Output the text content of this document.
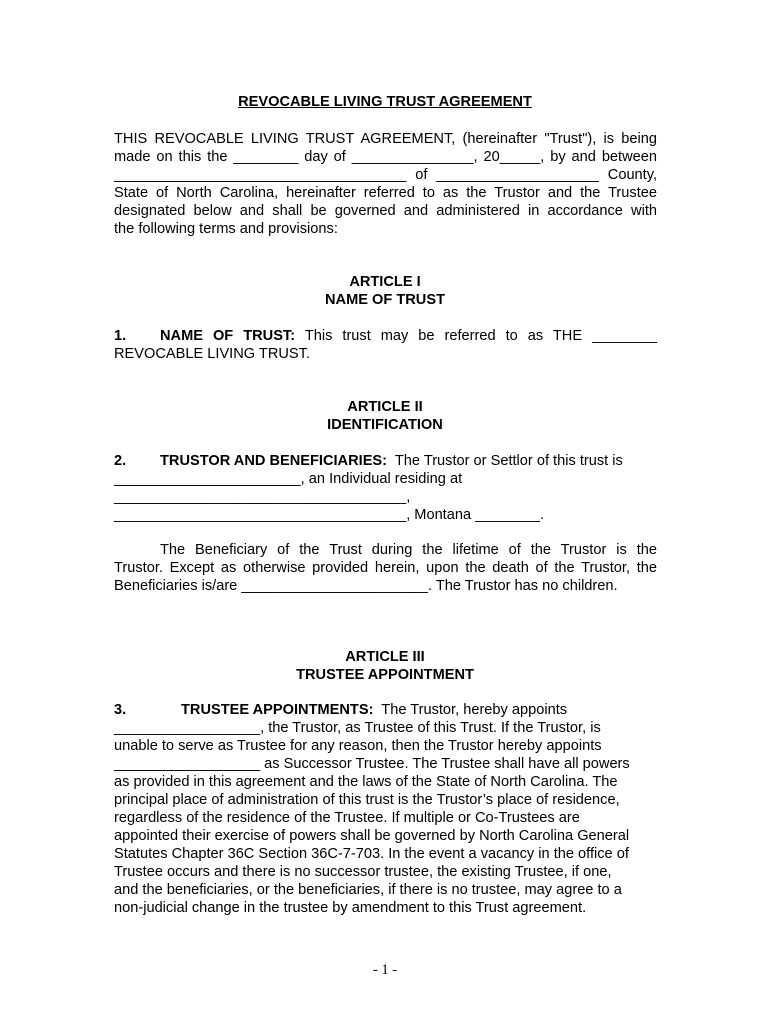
REVOCABLE LIVING TRUST AGREEMENT
THIS REVOCABLE LIVING TRUST AGREEMENT, (hereinafter "Trust"), is being
made on this the ________ day of _______________, 20_____, by and between
____________________________________ of ____________________ County,
State of North Carolina, hereinafter referred to as the Trustor and the Trustee
designated below and shall be governed and administered in accordance with
the following terms and provisions:
ARTICLE I
NAME OF TRUST
1. NAME OF TRUST: This trust may be referred to as THE ________
REVOCABLE LIVING TRUST.
ARTICLE II
IDENTIFICATION
2. TRUSTOR AND BENEFICIARIES: The Trustor or Settlor of this trust is
_______________________, an Individual residing at
____________________________________,
____________________________________, Montana ________.
The Beneficiary of the Trust during the lifetime of the Trustor is the
Trustor. Except as otherwise provided herein, upon the death of the Trustor, the
Beneficiaries is/are _______________________. The Trustor has no children.
ARTICLE III
TRUSTEE APPOINTMENT
3.	TRUSTEE APPOINTMENTS: The Trustor, hereby appoints
__________________, the Trustor, as Trustee of this Trust. If the Trustor, is
unable to serve as Trustee for any reason, then the Trustor hereby appoints
__________________ as Successor Trustee. The Trustee shall have all powers
as provided in this agreement and the laws of the State of North Carolina. The
principal place of administration of this trust is the Trustor’s place of residence,
regardless of the residence of the Trustee. If multiple or Co-Trustees are
appointed their exercise of powers shall be governed by North Carolina General
Statutes Chapter 36C Section 36C-7-703. In the event a vacancy in the office of
Trustee occurs and there is no successor trustee, the existing Trustee, if one,
and the beneficiaries, or the beneficiaries, if there is no trustee, may agree to a
non-judicial change in the trustee by amendment to this Trust agreement.
- 1 -
